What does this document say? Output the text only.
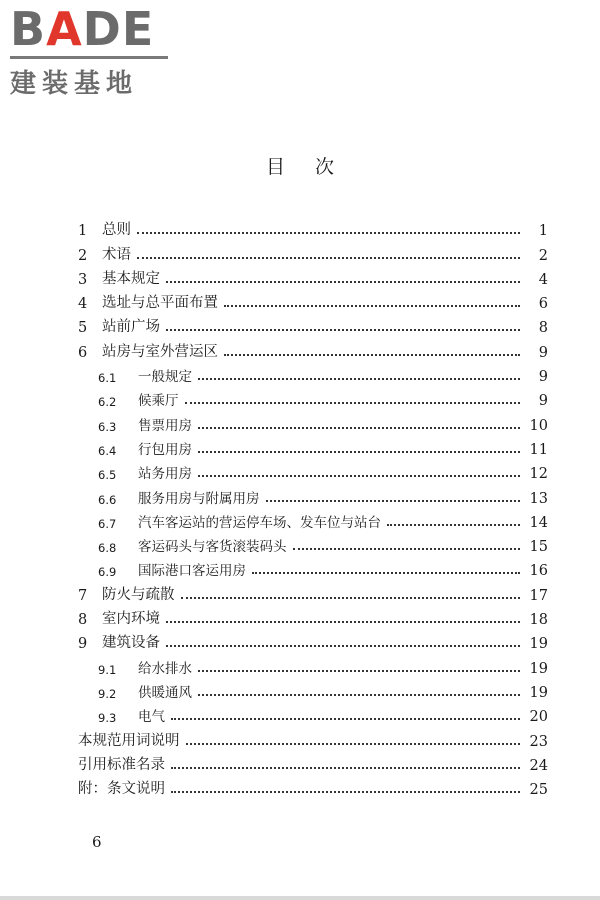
BADE
建装基地
目次
1	总则	1
2	术语	2
3	基本规定	4
4	选址与总平面布置	6
5	站前广场	8
6	站房与室外营运区	9
6.1	一般规定	9
6.2	候乘厅	9
6.3	售票用房	10
6.4	行包用房	11
6.5	站务用房	12
6.6	服务用房与附属用房	13
6.7	汽车客运站的营运停车场、发车位与站台	14
6.8	客运码头与客货滚装码头	15
6.9	国际港口客运用房	16
7	防火与疏散	17
8	室内环境	18
9	建筑设备	19
9.1	给水排水	19
9.2	供暖通风	19
9.3	电气	20
本规范用词说明	23
引用标准名录	24
附：条文说明	25
6
